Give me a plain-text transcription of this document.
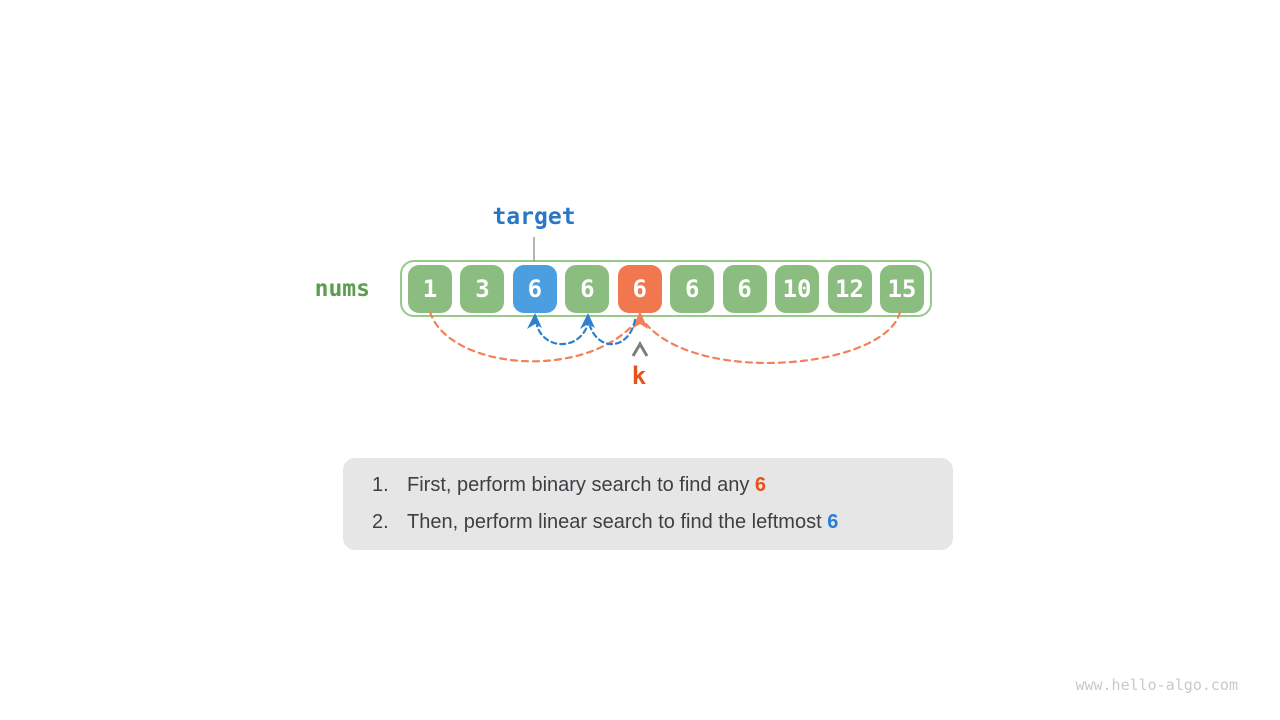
target
nums	1	3	6	6	6	6	6	10 12 15
k
1. First, perform binary search to find any 6
2. Then, perform linear search to find the leftmost 6
www.hello-algo.com
